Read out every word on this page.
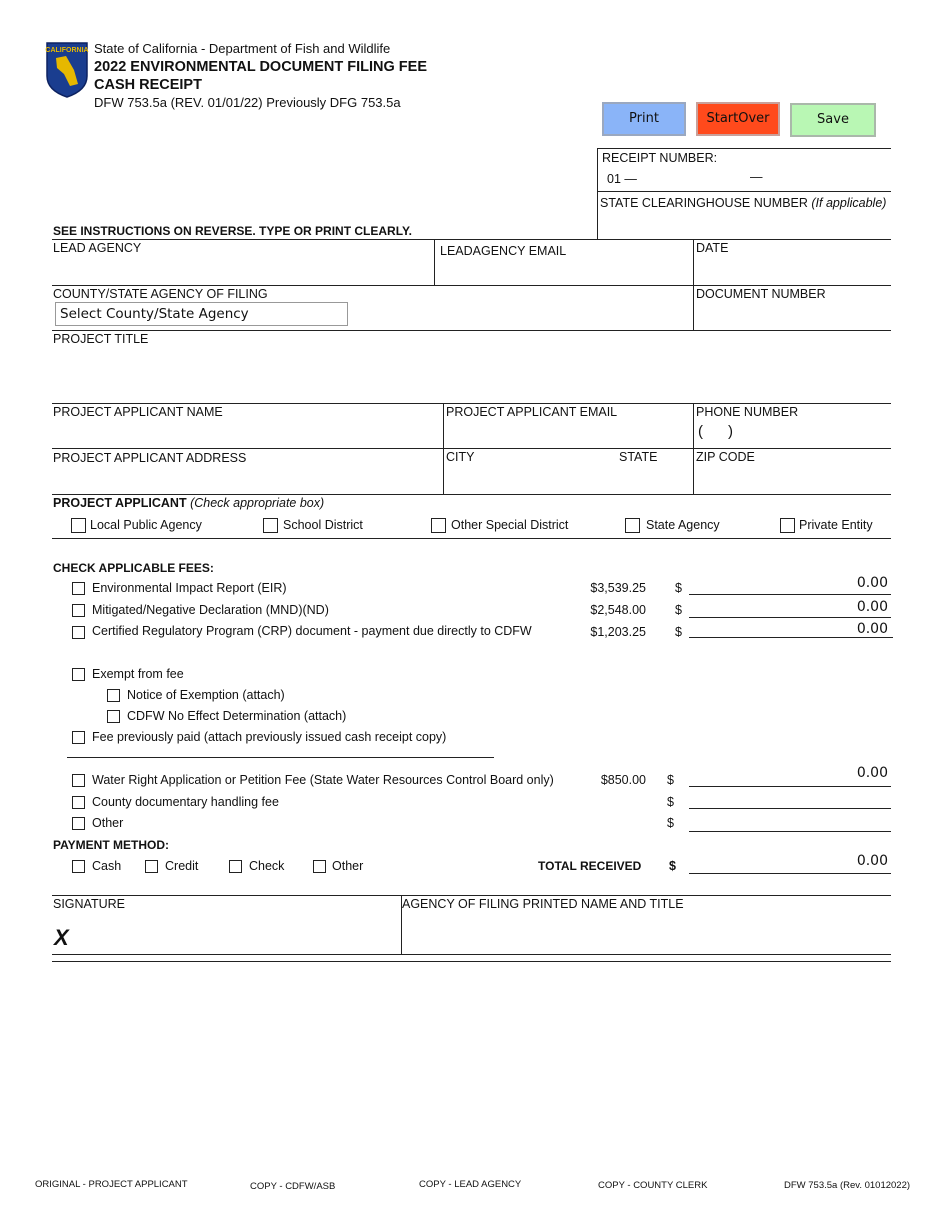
CALIFORNIA State of California - Department of Fish and Wildlife
2022 ENVIRONMENTAL DOCUMENT FILING FEE
CASH RECEIPT
DFW 753.5a (REV. 01/01/22) Previously DFG 753.5a
Print	StartOver	Save
RECEIPT NUMBER:
01 —	—
STATE CLEARINGHOUSE NUMBER (If applicable)
SEE INSTRUCTIONS ON REVERSE. TYPE OR PRINT CLEARLY.
LEAD AGENCY	LEADAGENCY EMAIL	DATE
COUNTY/STATE AGENCY OF FILING
Select County/State Agency
DOCUMENT NUMBER
PROJECT TITLE
PROJECT APPLICANT NAME	PROJECT APPLICANT EMAIL	PHONE NUMBER
(      )
PROJECT APPLICANT ADDRESS	CITY	STATE	ZIP CODE
PROJECT APPLICANT (Check appropriate box)
Local Public Agency	School District	Other Special District	State Agency	Private Entity
CHECK APPLICABLE FEES:
Environmental Impact Report (EIR)	$3,539.25 $	0.00
Mitigated/Negative Declaration (MND)(ND)	$2,548.00 $	0.00
Certified Regulatory Program (CRP) document - payment due directly to CDFW	$1,203.25 $	0.00
Exempt from fee
Notice of Exemption (attach)
CDFW No Effect Determination (attach)
Fee previously paid (attach previously issued cash receipt copy)
Water Right Application or Petition Fee (State Water Resources Control Board only)	$850.00 $	0.00
County documentary handling fee	$
Other	$
PAYMENT METHOD:
Cash	Credit	Check	Other	TOTAL RECEIVED $	0.00
SIGNATURE
X
AGENCY OF FILING PRINTED NAME AND TITLE
ORIGINAL - PROJECT APPLICANT	COPY - CDFW/ASB	COPY - LEAD AGENCY	COPY - COUNTY CLERK	DFW 753.5a (Rev. 01012022)
